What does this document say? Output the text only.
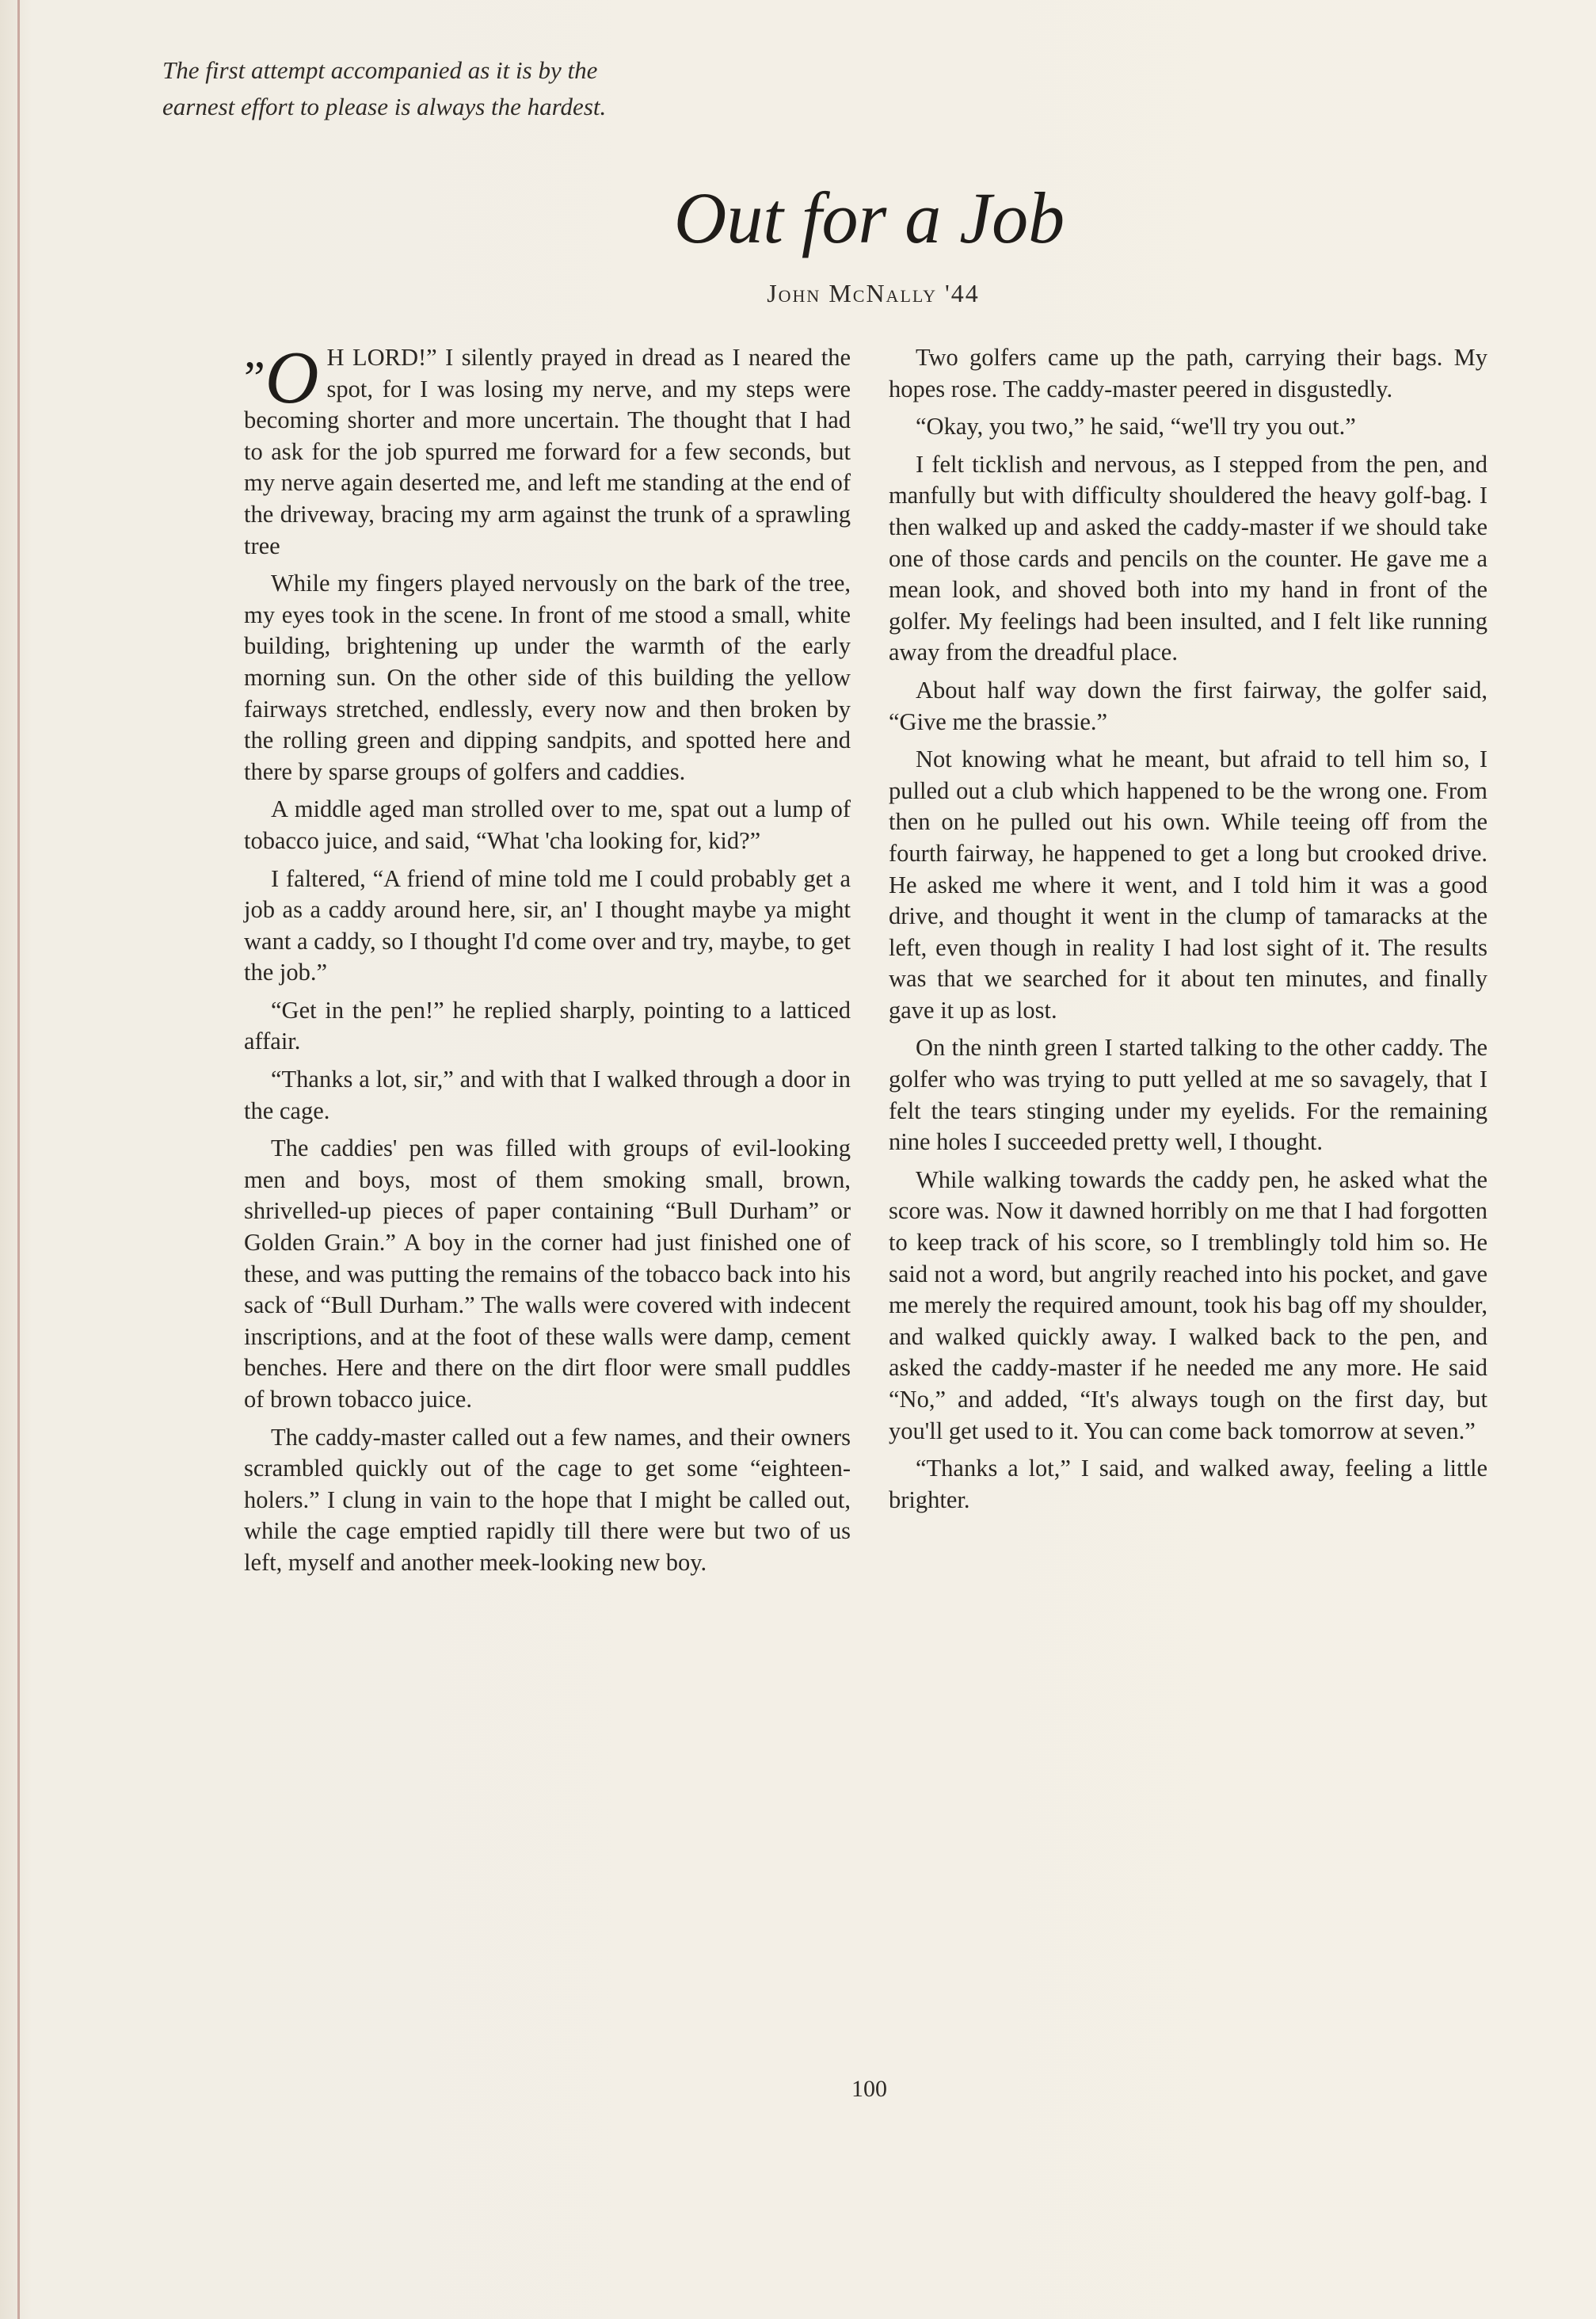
The first attempt accompanied as it is by the

earnest effort to please is always the hardest.

Out for a Job
John McNally '44

”O H LORD!” I silently prayed in dread as I neared the spot, for I was losing my nerve, and my steps were becoming shorter and more uncertain. The thought that I had to ask for the job spurred me forward for a few seconds, but my nerve again deserted me, and left me standing at the end of the driveway, bracing my arm against the trunk of a sprawling tree

While my fingers played nervously on the bark of the tree, my eyes took in the scene. In front of me stood a small, white building, brightening up under the warmth of the early morning sun. On the other side of this building the yellow fairways stretched, endlessly, every now and then broken by the rolling green and dipping sandpits, and spotted here and there by sparse groups of golfers and caddies.

A middle aged man strolled over to me, spat out a lump of tobacco juice, and said, “What 'cha looking for, kid?”

I faltered, “A friend of mine told me I could probably get a job as a caddy around here, sir, an' I thought maybe ya might want a caddy, so I thought I'd come over and try, maybe, to get the job.”

“Get in the pen!” he replied sharply, pointing to a latticed affair.

“Thanks a lot, sir,” and with that I walked through a door in the cage.

The caddies' pen was filled with groups of evil-looking men and boys, most of them smoking small, brown, shrivelled-up pieces of paper containing “Bull Durham” or Golden Grain.” A boy in the corner had just finished one of these, and was putting the remains of the tobacco back into his sack of “Bull Durham.” The walls were covered with indecent inscriptions, and at the foot of these walls were damp, cement benches. Here and there on the dirt floor were small puddles of brown tobacco juice.

The caddy-master called out a few names, and their owners scrambled quickly out of the cage to get some “eighteen-holers.” I clung in vain to the hope that I might be called out, while the cage emptied rapidly till there were but two of us left, myself and another meek-looking new boy.

Two golfers came up the path, carrying their bags. My hopes rose. The caddy-master peered in disgustedly.

“Okay, you two,” he said, “we'll try you out.”

I felt ticklish and nervous, as I stepped from the pen, and manfully but with difficulty shouldered the heavy golf-bag. I then walked up and asked the caddy-master if we should take one of those cards and pencils on the counter. He gave me a mean look, and shoved both into my hand in front of the golfer. My feelings had been insulted, and I felt like running away from the dreadful place.

About half way down the first fairway, the golfer said, “Give me the brassie.”

Not knowing what he meant, but afraid to tell him so, I pulled out a club which happened to be the wrong one. From then on he pulled out his own. While teeing off from the fourth fairway, he happened to get a long but crooked drive. He asked me where it went, and I told him it was a good drive, and thought it went in the clump of tamaracks at the left, even though in reality I had lost sight of it. The results was that we searched for it about ten minutes, and finally gave it up as lost.

On the ninth green I started talking to the other caddy. The golfer who was trying to putt yelled at me so savagely, that I felt the tears stinging under my eyelids. For the remaining nine holes I succeeded pretty well, I thought.

While walking towards the caddy pen, he asked what the score was. Now it dawned horribly on me that I had forgotten to keep track of his score, so I tremblingly told him so. He said not a word, but angrily reached into his pocket, and gave me merely the required amount, took his bag off my shoulder, and walked quickly away. I walked back to the pen, and asked the caddy-master if he needed me any more. He said “No,” and added, “It's always tough on the first day, but you'll get used to it. You can come back tomorrow at seven.”

“Thanks a lot,” I said, and walked away, feeling a little brighter.

100
